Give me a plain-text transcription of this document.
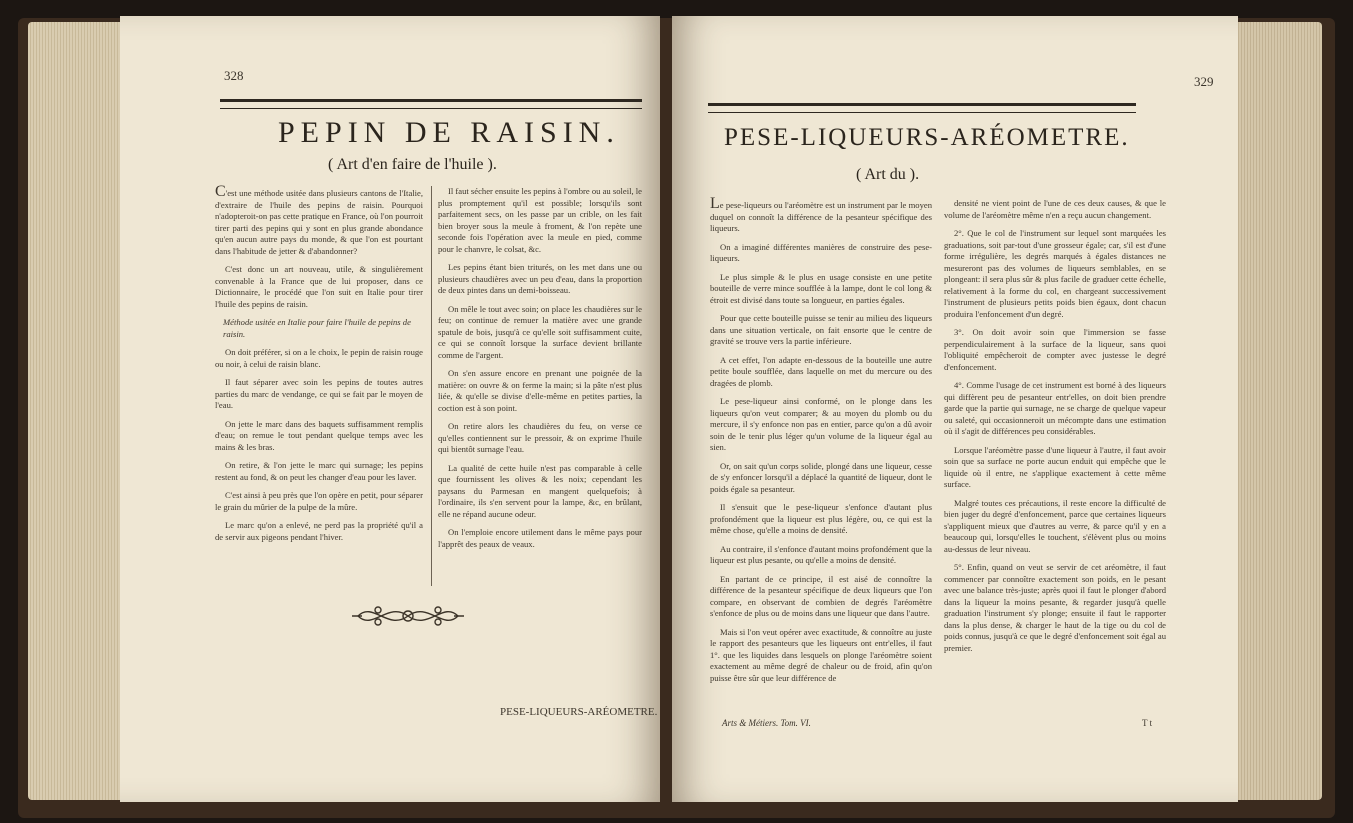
328
PEPIN DE RAISIN.
( Art d'en faire de l'huile ).

C'est une méthode usitée dans plusieurs cantons de l'Italie, d'extraire de l'huile des pepins de raisin. Pourquoi n'adopteroit-on pas cette pratique en France, où l'on pourroit tirer parti des pepins qui y sont en plus grande abondance qu'en aucun autre pays du monde, & que l'on est pourtant dans l'habitude de jetter & d'abandonner?

C'est donc un art nouveau, utile, & singulièrement convenable à la France que de lui proposer, dans ce Dictionnaire, le procédé que l'on suit en Italie pour tirer l'huile des pepins de raisin.

Méthode usitée en Italie pour faire l'huile de pepins de raisin.

On doit préférer, si on a le choix, le pepin de raisin rouge ou noir, à celui de raisin blanc.

Il faut séparer avec soin les pepins de toutes autres parties du marc de vendange, ce qui se fait par le moyen de l'eau.

On jette le marc dans des baquets suffisamment remplis d'eau; on remue le tout pendant quelque temps avec les mains & les bras.

On retire, & l'on jette le marc qui surnage; les pepins restent au fond, & on peut les changer d'eau pour les laver.

C'est ainsi à peu près que l'on opère en petit, pour séparer le grain du mûrier de la pulpe de la mûre.

Le marc qu'on a enlevé, ne perd pas la propriété qu'il a de servir aux pigeons pendant l'hiver.

Il faut sécher ensuite les pepins à l'ombre ou au soleil, le plus promptement qu'il est possible; lorsqu'ils sont parfaitement secs, on les passe par un crible, on les fait bien broyer sous la meule à froment, & l'on repète une seconde fois l'opération avec la meule en pied, comme pour le chanvre, le colsat, &c.

Les pepins étant bien triturés, on les met dans une ou plusieurs chaudières avec un peu d'eau, dans la proportion de deux pintes dans un demi-boisseau.

On mêle le tout avec soin; on place les chaudières sur le feu; on continue de remuer la matière avec une grande spatule de bois, jusqu'à ce qu'elle soit suffisamment cuite, ce qui se connoît lorsque la surface devient brillante comme de l'argent.

On s'en assure encore en prenant une poignée de la matière: on ouvre & on ferme la main; si la pâte n'est plus liée, & qu'elle se divise d'elle-même en petites parties, la coction est à son point.

On retire alors les chaudières du feu, on verse ce qu'elles contiennent sur le pressoir, & on exprime l'huile qui bientôt surnage l'eau.

La qualité de cette huile n'est pas comparable à celle que fournissent les olives & les noix; cependant les paysans du Parmesan en mangent quelquefois; à l'ordinaire, ils s'en servent pour la lampe, &c, en brûlant, elle ne répand aucune odeur.

On l'emploie encore utilement dans le même pays pour l'apprêt des peaux de veaux.

PESE-LIQUEURS-ARÉOMETRE.
329
PESE-LIQUEURS-ARÉOMETRE.
( Art du ).

Le pese-liqueurs ou l'aréomètre est un instrument par le moyen duquel on connoît la différence de la pesanteur spécifique des liqueurs.

On a imaginé différentes manières de construire des pese-liqueurs.

Le plus simple & le plus en usage consiste en une petite bouteille de verre mince soufflée à la lampe, dont le col long & étroit est divisé dans toute sa longueur, en parties égales.

Pour que cette bouteille puisse se tenir au milieu des liqueurs dans une situation verticale, on fait ensorte que le centre de gravité se trouve vers la partie inférieure.

A cet effet, l'on adapte en-dessous de la bouteille une autre petite boule soufflée, dans laquelle on met du mercure ou des dragées de plomb.

Le pese-liqueur ainsi conformé, on le plonge dans les liqueurs qu'on veut comparer; & au moyen du plomb ou du mercure, il s'y enfonce non pas en entier, parce qu'on a dû avoir soin de le tenir plus léger qu'un volume de la liqueur égal au sien.

Or, on sait qu'un corps solide, plongé dans une liqueur, cesse de s'y enfoncer lorsqu'il a déplacé la quantité de liqueur, dont le poids égale sa pesanteur.

Il s'ensuit que le pese-liqueur s'enfonce d'autant plus profondément que la liqueur est plus légère, ou, ce qui est la même chose, qu'elle a moins de densité.

Au contraire, il s'enfonce d'autant moins profondément que la liqueur est plus pesante, ou qu'elle a moins de densité.

En partant de ce principe, il est aisé de connoître la différence de la pesanteur spécifique de deux liqueurs que l'on compare, en observant de combien de degrés l'aréomètre s'enfonce de plus ou de moins dans une liqueur que dans l'autre.

Mais si l'on veut opérer avec exactitude, & connoître au juste le rapport des pesanteurs que les liqueurs ont entr'elles, il faut 1°. que les liquides dans lesquels on plonge l'aréomètre soient exactement au même degré de chaleur ou de froid, afin qu'on puisse être sûr que leur différence de

densité ne vient point de l'une de ces deux causes, & que le volume de l'aréomètre même n'en a reçu aucun changement.

2°. Que le col de l'instrument sur lequel sont marquées les graduations, soit par-tout d'une grosseur égale; car, s'il est d'une forme irrégulière, les degrés marqués à égales distances ne mesureront pas des volumes de liqueurs semblables, en se plongeant: il sera plus sûr & plus facile de graduer cette échelle, relativement à la forme du col, en chargeant successivement l'instrument de plusieurs petits poids bien égaux, dont chacun produira l'enfoncement d'un degré.

3°. On doit avoir soin que l'immersion se fasse perpendiculairement à la surface de la liqueur, sans quoi l'obliquité empêcheroit de compter avec justesse le degré d'enfoncement.

4°. Comme l'usage de cet instrument est borné à des liqueurs qui diffèrent peu de pesanteur entr'elles, on doit bien prendre garde que la partie qui surnage, ne se charge de quelque vapeur ou saleté, qui occasionneroit un mécompte dans une estimation où il s'agit de différences peu considérables.

Lorsque l'aréomètre passe d'une liqueur à l'autre, il faut avoir soin que sa surface ne porte aucun enduit qui empêche que le liquide où il entre, ne s'applique exactement à cette même surface.

Malgré toutes ces précautions, il reste encore la difficulté de bien juger du degré d'enfoncement, parce que certaines liqueurs s'appliquent mieux que d'autres au verre, & parce qu'il y en a beaucoup qui, lorsqu'elles le touchent, s'élèvent plus ou moins au-dessus de leur niveau.

5°. Enfin, quand on veut se servir de cet aréomètre, il faut commencer par connoître exactement son poids, en le pesant avec une balance très-juste; après quoi il faut le plonger d'abord dans la liqueur la moins pesante, & regarder jusqu'à quelle graduation l'instrument s'y plonge; ensuite il faut le rapporter dans la plus dense, & charger le haut de la tige ou du col de poids connus, jusqu'à ce que le degré d'enfoncement soit égal au premier.

Arts & Métiers. Tom. VI.	T t
